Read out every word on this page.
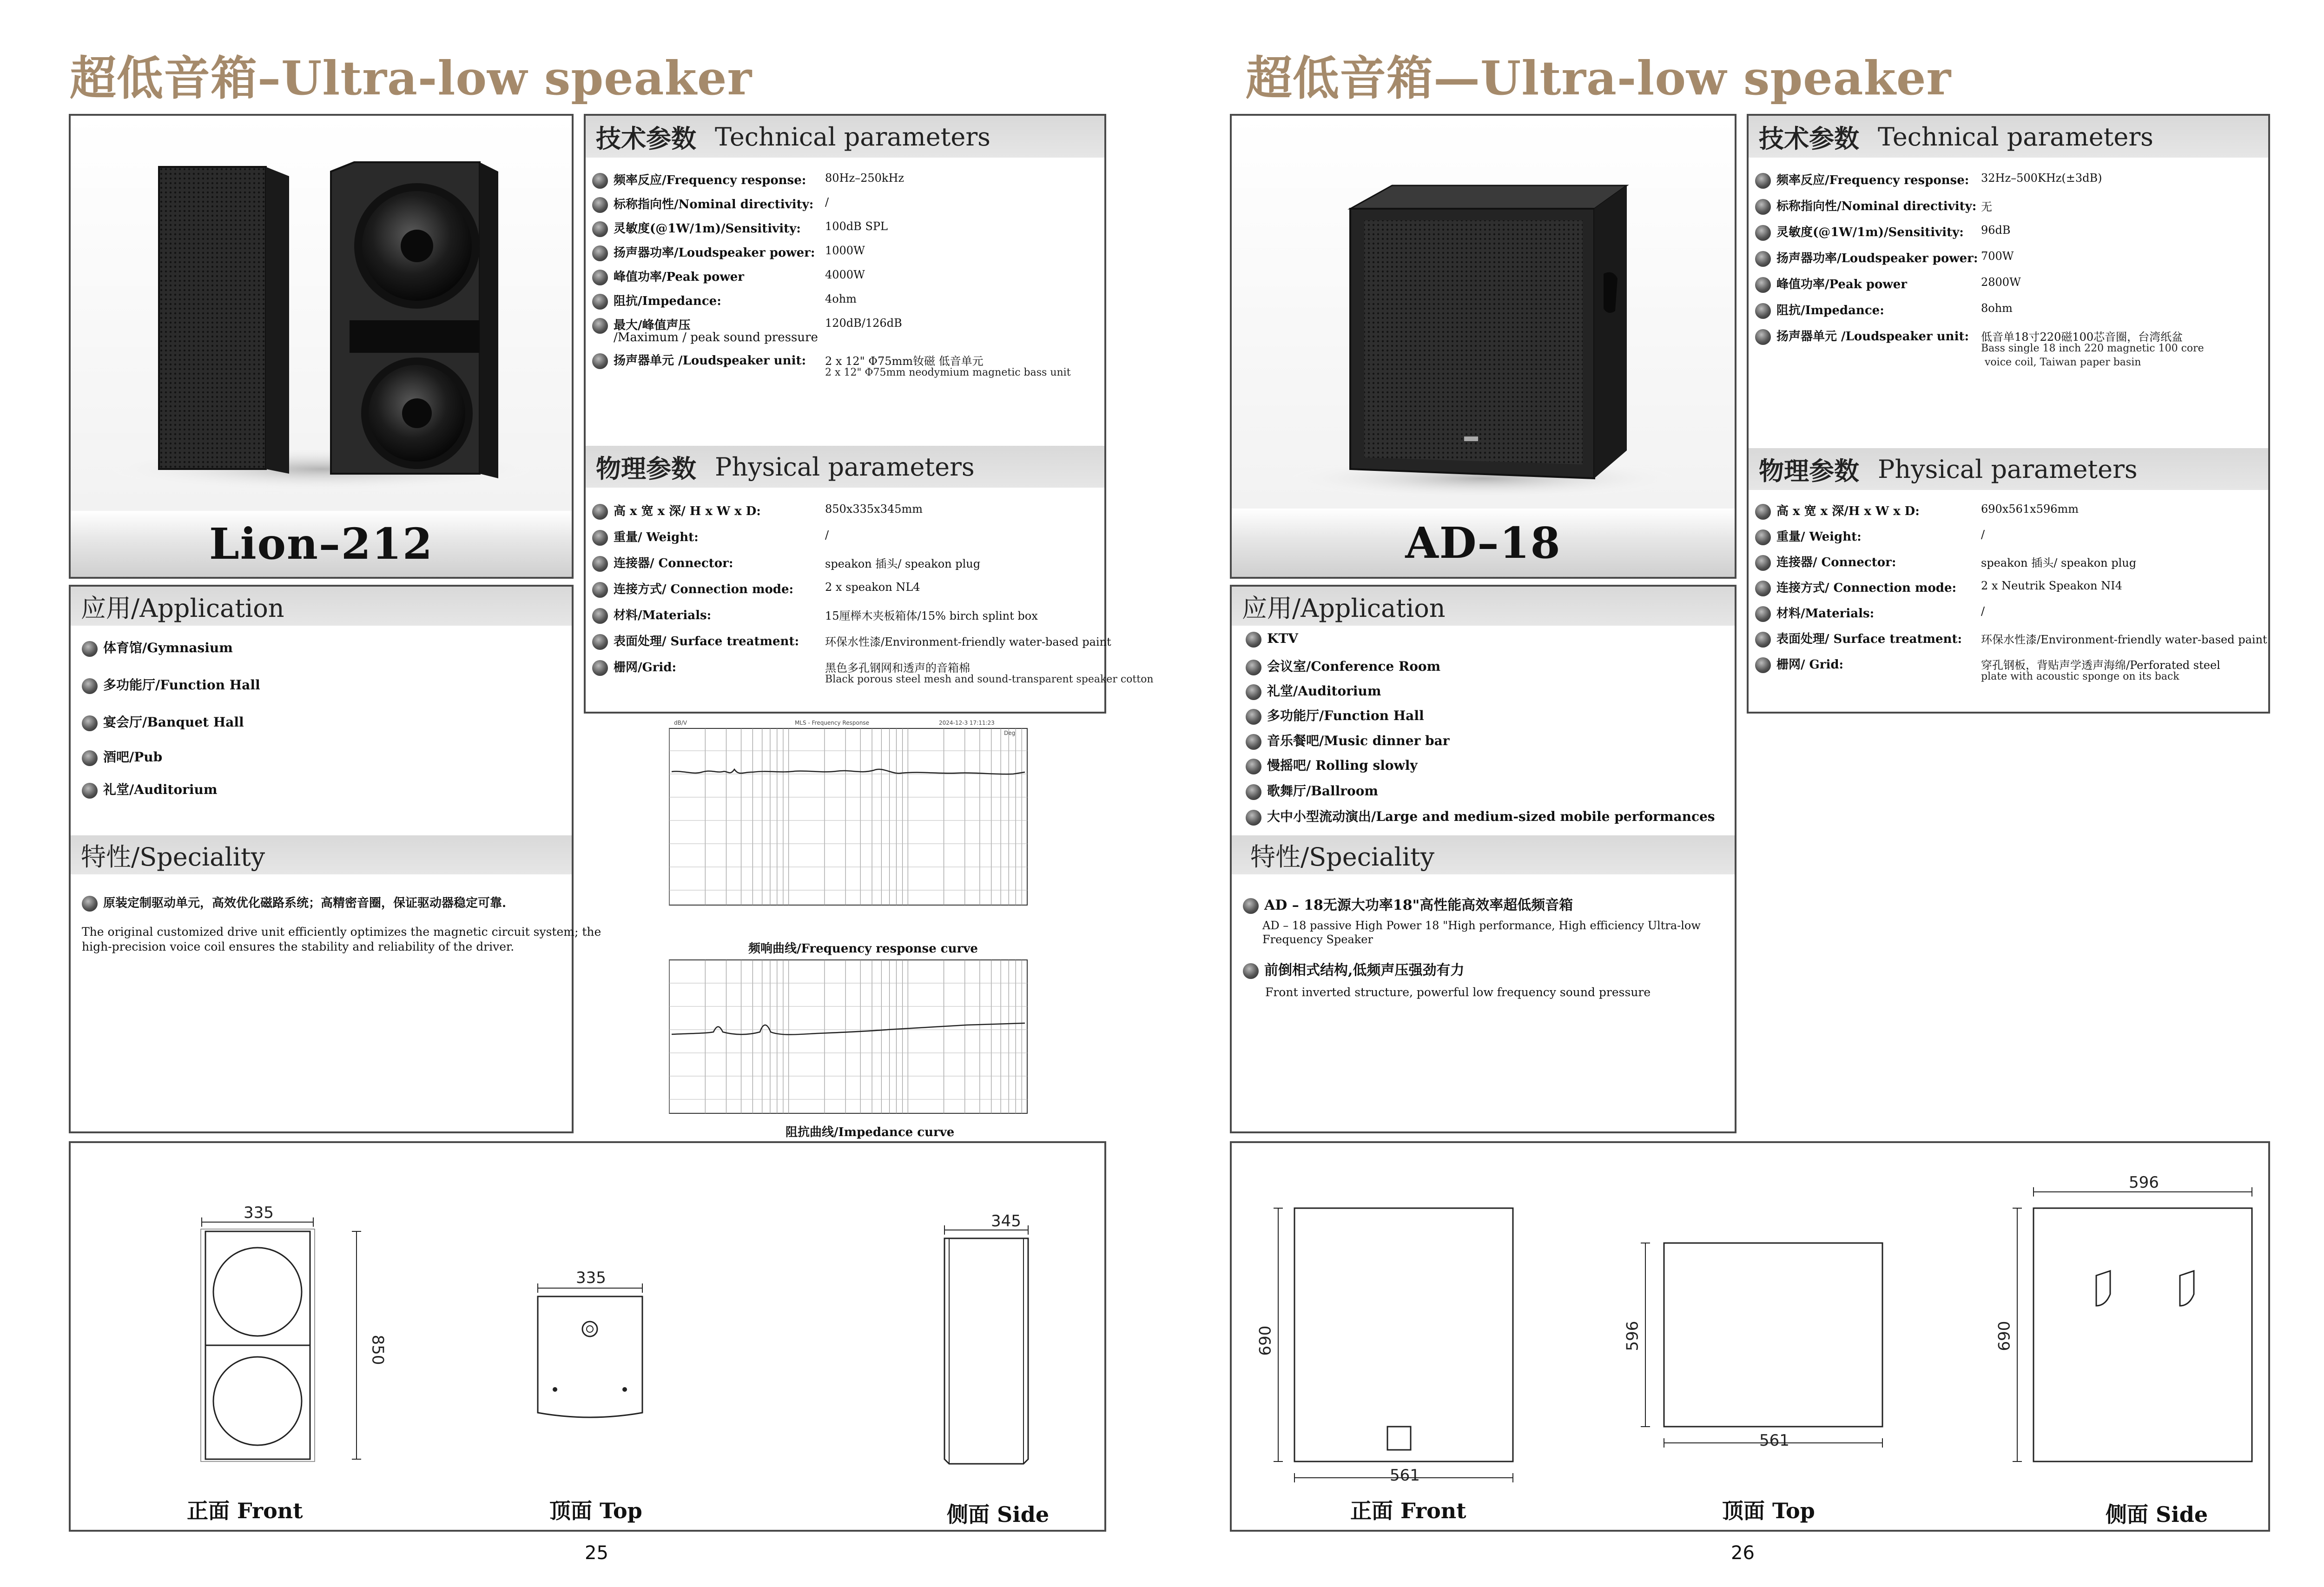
超低音箱–Ultra-low speaker
Lion–212
应用/Application
体育馆/Gymnasium
多功能厅/Function Hall
宴会厅/Banquet Hall
酒吧/Pub
礼堂/Auditorium
特性/Speciality
原装定制驱动单元，高效优化磁路系统；高精密音圈，保证驱动器稳定可靠.
The original customized drive unit efficiently optimizes the magnetic circuit system; the
high-precision voice coil ensures the stability and reliability of the driver.
技术参数 Technical parameters
频率反应/Frequency response: 80Hz–250kHz
标称指向性/Nominal directivity: /
灵敏度(@1W/1m)/Sensitivity: 100dB SPL
扬声器功率/Loudspeaker power: 1000W
峰值功率/Peak power	4000W
阻抗/Impedance:	4ohm
最大/峰值声压
/Maximum / peak sound pressure
120dB/126dB
扬声器单元 /Loudspeaker unit: 2 x 12" Φ75mm钕磁 低音单元
2 x 12" Φ75mm neodymium magnetic bass unit
物理参数 Physical parameters
高 x 宽 x 深/ H x W x D:	850x335x345mm
重量/ Weight:	/
连接器/ Connector:	speakon 插头/ speakon plug
连接方式/ Connection mode:	2 x speakon NL4
材料/Materials:	15厘榉木夹板箱体/15% birch splint box
表面处理/ Surface treatment: 环保水性漆/Environment-friendly water-based paint
栅网/Grid:	黑色多孔钢网和透声的音箱棉
Black porous steel mesh and sound-transparent speaker cotton
dB/V	MLS - Frequency Response	2024-12-3 17:11:23
Deg
频响曲线/Frequency response curve
阻抗曲线/Impedance curve
335
850
335
345
正面 Front	顶面 Top	侧面 Side
25
超低音箱—Ultra-low speaker
AD–18
应用/Application
KTV
会议室/Conference Room
礼堂/Auditorium
多功能厅/Function Hall
音乐餐吧/Music dinner bar
慢摇吧/ Rolling slowly
歌舞厅/Ballroom
大中小型流动演出/Large and medium-sized mobile performances
特性/Speciality
AD – 18无源大功率18"高性能高效率超低频音箱
AD – 18 passive High Power 18 "High performance, High efficiency Ultra-low
Frequency Speaker
前倒相式结构,低频声压强劲有力
Front inverted structure, powerful low frequency sound pressure
技术参数 Technical parameters
频率反应/Frequency response: 32Hz–500KHz(±3dB)
标称指向性/Nominal directivity: 无
灵敏度(@1W/1m)/Sensitivity: 96dB
扬声器功率/Loudspeaker power: 700W
峰值功率/Peak power	2800W
阻抗/Impedance:	8ohm
扬声器单元 /Loudspeaker unit: 低音单18寸220磁100芯音圈，台湾纸盆
Bass single 18 inch 220 magnetic 100 core
voice coil, Taiwan paper basin
物理参数 Physical parameters
高 x 宽 x 深/H x W x D:	690x561x596mm
重量/ Weight:	/
连接器/ Connector:	speakon 插头/ speakon plug
连接方式/ Connection mode: 2 x Neutrik Speakon NI4
材料/Materials:	/
表面处理/ Surface treatment: 环保水性漆/Environment-friendly water-based paint
栅网/ Grid:	穿孔钢板，背贴声学透声海绵/Perforated steel
plate with acoustic sponge on its back
690
561
596
561
596
690
正面 Front	顶面 Top	侧面 Side
26
